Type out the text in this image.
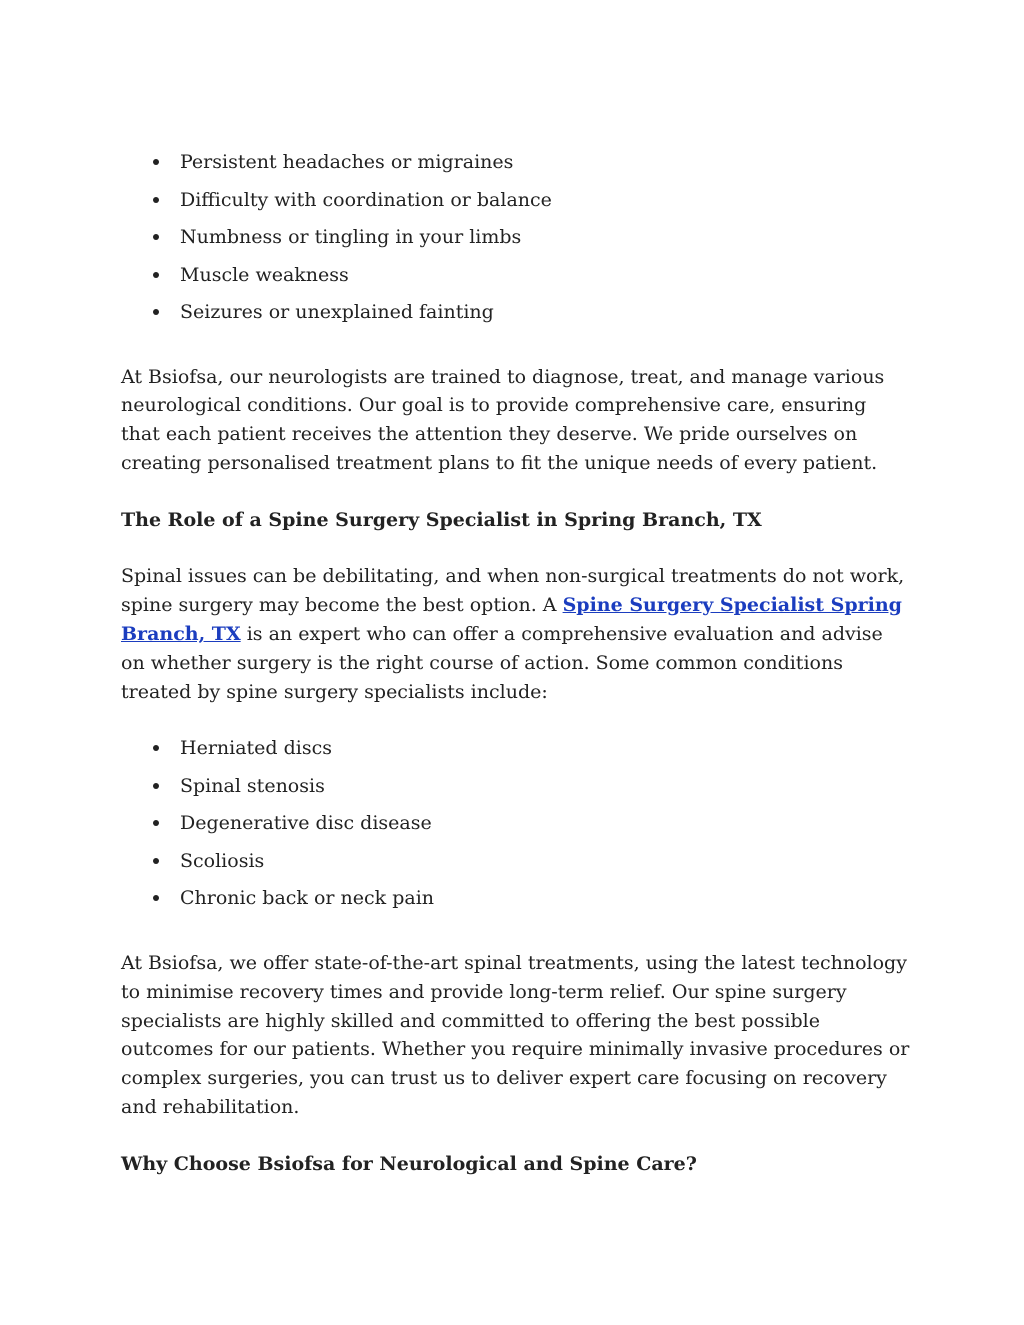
Persistent headaches or migraines
Difficulty with coordination or balance
Numbness or tingling in your limbs
Muscle weakness
Seizures or unexplained fainting

At Bsiofsa, our neurologists are trained to diagnose, treat, and manage various neurological conditions. Our goal is to provide comprehensive care, ensuring that each patient receives the attention they deserve. We pride ourselves on creating personalised treatment plans to fit the unique needs of every patient.

The Role of a Spine Surgery Specialist in Spring Branch, TX

Spinal issues can be debilitating, and when non-surgical treatments do not work, spine surgery may become the best option. A Spine Surgery Specialist Spring Branch, TX is an expert who can offer a comprehensive evaluation and advise on whether surgery is the right course of action. Some common conditions treated by spine surgery specialists include:

Herniated discs
Spinal stenosis
Degenerative disc disease
Scoliosis
Chronic back or neck pain

At Bsiofsa, we offer state-of-the-art spinal treatments, using the latest technology to minimise recovery times and provide long-term relief. Our spine surgery specialists are highly skilled and committed to offering the best possible outcomes for our patients. Whether you require minimally invasive procedures or complex surgeries, you can trust us to deliver expert care focusing on recovery and rehabilitation.

Why Choose Bsiofsa for Neurological and Spine Care?
